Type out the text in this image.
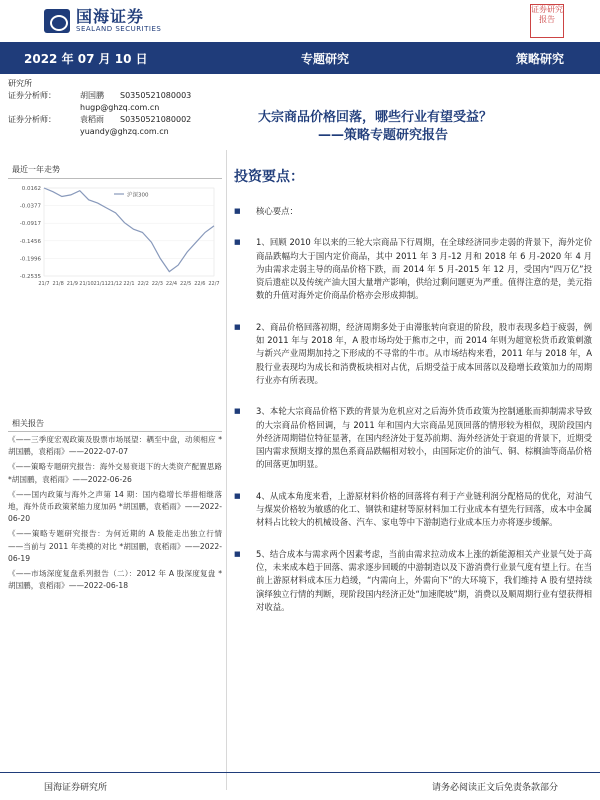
国海证券
SEALAND SECURITIES
证券研究报告
2022 年 07 月 10 日	专题研究	策略研究
研究所
证券分析师：	胡国鹏	S0350521080003
hugp@ghzq.com.cn
证券分析师：	袁稻雨	S0350521080002
yuandy@ghzq.com.cn
大宗商品价格回落，哪些行业有望受益？
——策略专题研究报告
最近一年走势
0.0162
-0.0377
-0.0917
-0.1456
-0.1996
-0.2535
21/7 21/8 21/9 21/10 21/11 21/12 22/1 22/2 22/3 22/4 22/5 22/6 22/7
沪深300
相关报告
《——三季度宏观政策及股票市场展望：耦至中盘，动须相应 *胡国鹏，袁稻雨》——2022-07-07
《——策略专题研究报告：海外交易衰退下的大类资产配置思路 *胡国鹏，袁稻雨》——2022-06-26
《——国内政策与海外之声第 14 期：国内稳增长举措相继落地，海外货币政策紧缩力度加码 *胡国鹏，袁稻雨》——2022-06-20
《——策略专题研究报告：为何近期的 A 股能走出独立行情——当前与 2011 年类模的对比 *胡国鹏，袁稻雨》——2022-06-19
《——市场深度复盘系列报告（二）：2012 年 A 股深度复盘 *胡国鹏，袁稻雨》——2022-06-18
投资要点：
■	核心要点：
■	1、回顾 2010 年以来的三轮大宗商品下行周期，在全球经济同步走弱的背景下，海外定价商品跌幅均大于国内定价商品，其中 2011 年 3 月-12 月和 2018 年 6 月-2020 年 4 月为由需求走弱主导的商品价格下跌，而 2014 年 5 月-2015 年 12 月，受国内“四万亿”投资后遗症以及传统产油大国大量增产影响，供给过剩问题更为严重。值得注意的是，美元指数的升值对海外定价商品价格亦会形成抑制。
■	2、商品价格回落初期，经济周期多处于由滞胀转向衰退的阶段，股市表现多趋于疲弱，例如 2011 年与 2018 年，A 股市场均处于熊市之中，而 2014 年则为超宽松货币政策刺激与新兴产业周期加持之下形成的不寻常的牛市。从市场结构来看，2011 年与 2018 年，A 股行业表现均为成长和消费板块相对占优，后期受益于成本回落以及稳增长政策加力的周期行业亦有所表现。
■	3、本轮大宗商品价格下跌的背景为危机应对之后海外货币政策为控制通胀而抑制需求导致的大宗商品价格回调，与 2011 年和国内大宗商品见顶回落的情形较为相似，现阶段国内外经济周期错位特征显著，在国内经济处于复苏前期、海外经济处于衰退的背景下，近期受国内需求预期支撑的黑色系商品跌幅相对较小，由国际定价的油气、铜、棕榈油等商品价格的回落更加明显。
■	4、从成本角度来看，上游原材料价格的回落将有利于产业链利润分配格局的优化，对油气与煤炭价格较为敏感的化工、钢铁和建材等原材料加工行业成本有望先行回落，成本中金属材料占比较大的机械设备、汽车、家电等中下游制造行业成本压力亦将逐步缓解。
■	5、结合成本与需求两个因素考虑，当前由需求拉动成本上涨的新能源相关产业景气处于高位，未来成本趋于回落、需求逐步回暖的中游制造以及下游消费行业景气度有望上行。在当前上游原材料成本压力趋缓，“内需向上，外需向下”的大环境下，我们维持 A 股有望持续演绎独立行情的判断，现阶段国内经济正处“加速爬坡”期，消费以及顺周期行业有望获得相对收益。
国海证券研究所	请务必阅读正文后免责条款部分
